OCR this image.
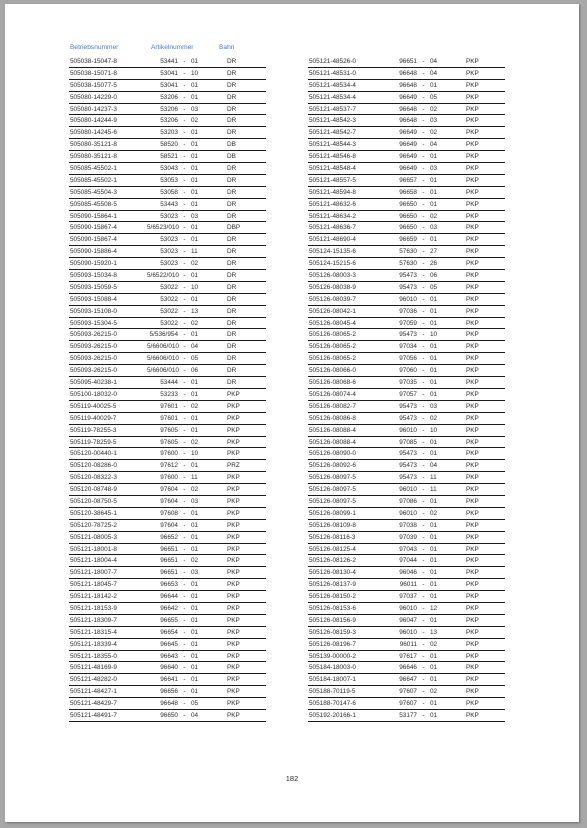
Betriebsnummer	Artikelnummer	Bahn
505038-15047-8	53441 - 01	DR
505038-15071-8	53041 - 10	DR
505038-15077-5	53041 - 01	DR
505080-14229-0	53206 - 01	DR
505080-14237-3	53206 - 03	DR
505080-14244-9	53206 - 02	DR
505080-14245-6	53203 - 01	DR
505080-35121-8	58520 - 01	DB
505080-35121-8	58521 - 01	DB
505085-45502-1	53043 - 01	DR
505085-45502-1	53053 - 01	DR
505085-45504-3	53058 - 01	DR
505085-45508-5	53443 - 01	DR
505090-15864-1	53023 - 03	DR
505090-15867-4	5/6523/010 - 01	DBP
505090-15867-4	53023 - 01	DR
505090-15886-4	53023 - 11	DR
505090-15920-1	53023 - 02	DR
505093-15034-8	5/6522/010 - 01	DR
505093-15059-5	53022 - 10	DR
505093-15088-4	53022 - 01	DR
505093-15108-0	53022 - 13	DR
505093-15304-5	53022 - 02	DR
505093-26215-0	5/536/954 - 01	DR
505093-26215-0	5/6606/010 - 04	DR
505093-26215-0	5/6606/010 - 05	DR
505093-26215-0	5/6606/010 - 06	DR
505095-40238-1	53444 - 01	DR
505100-18032-0	53233 - 01	PKP
505119-40025-5	97601 - 02	PKP
505119-40029-7	97601 - 01	PKP
505119-78255-3	97605 - 01	PKP
505119-78259-5	97605 - 02	PKP
505120-00440-1	97600 - 10	PKP
505120-08286-0	97612 - 01	PRZ
505120-08322-3	97600 - 11	PKP
505120-08748-9	97604 - 02	PKP
505120-08750-5	97604 - 03	PKP
505120-38645-1	97608 - 01	PKP
505120-78725-2	97604 - 01	PKP
505121-08005-3	96652 - 01	PKP
505121-18001-8	96651 - 01	PKP
505121-18004-4	96651 - 02	PKP
505121-18007-7	96651 - 03	PKP
505121-18045-7	96653 - 01	PKP
505121-18142-2	96644 - 01	PKP
505121-18153-9	96642 - 01	PKP
505121-18309-7	96655 - 01	PKP
505121-18315-4	96654 - 01	PKP
505121-18339-4	96645 - 01	PKP
505121-18355-0	96643 - 01	PKP
505121-48169-9	96640 - 01	PKP
505121-48282-0	96641 - 01	PKP
505121-48427-1	96656 - 01	PKP
505121-48429-7	96648 - 05	PKP
505121-48491-7	96650 - 04	PKP
505121-48526-0	96651 - 04	PKP
505121-48531-0	96648 - 04	PKP
505121-48534-4	96648 - 01	PKP
505121-48534-4	96649 - 05	PKP
505121-48537-7	96648 - 02	PKP
505121-48542-3	96648 - 03	PKP
505121-48542-7	96649 - 02	PKP
505121-48544-3	96649 - 04	PKP
505121-48546-8	96649 - 01	PKP
505121-48548-4	96649 - 03	PKP
505121-48557-5	96657 - 01	PKP
505121-48594-8	96658 - 01	PKP
505121-48632-6	96650 - 01	PKP
505121-48634-2	96650 - 02	PKP
505121-48636-7	96650 - 03	PKP
505121-48690-4	96659 - 01	PKP
505124-15135-6	57630 - 27	PKP
505124-15215-6	57630 - 26	PKP
505126-08003-3	95473 - 06	PKP
505126-08038-9	95473 - 05	PKP
505126-08039-7	96010 - 01	PKP
505126-08042-1	97036 - 01	PKP
505126-08045-4	97059 - 01	PKP
505126-08065-2	95473 - 10	PKP
505126-08065-2	97034 - 01	PKP
505126-08065-2	97056 - 01	PKP
505126-08066-0	97060 - 01	PKP
505126-08068-6	97035 - 01	PKP
505126-08074-4	97057 - 01	PKP
505126-08082-7	95473 - 03	PKP
505126-08086-8	95473 - 02	PKP
505126-08088-4	96010 - 10	PKP
505126-08088-4	97085 - 01	PKP
505126-08090-0	95473 - 01	PKP
505126-08092-6	95473 - 04	PKP
505126-08097-5	95473 - 11	PKP
505126-08097-5	96010 - 11	PKP
505126-08097-5	97086 - 01	PKP
505126-08099-1	96010 - 02	PKP
505126-08109-8	97038 - 01	PKP
505126-08116-3	97039 - 01	PKP
505126-08125-4	97043 - 01	PKP
505126-08126-2	97044 - 01	PKP
505126-08130-4	96046 - 01	PKP
505126-08137-9	96011 - 01	PKP
505126-08150-2	97037 - 01	PKP
505126-08153-6	96010 - 12	PKP
505126-08156-9	96047 - 01	PKP
505126-08159-3	96010 - 13	PKP
505126-08196-7	96011 - 02	PKP
505139-00000-2	97617 - 01	PKP
505184-18003-0	96646 - 01	PKP
505184-18007-1	96647 - 01	PKP
505188-70119-5	97607 - 02	PKP
505188-70147-6	97607 - 01	PKP
505192-20166-1	53177 - 01	PKP
182
